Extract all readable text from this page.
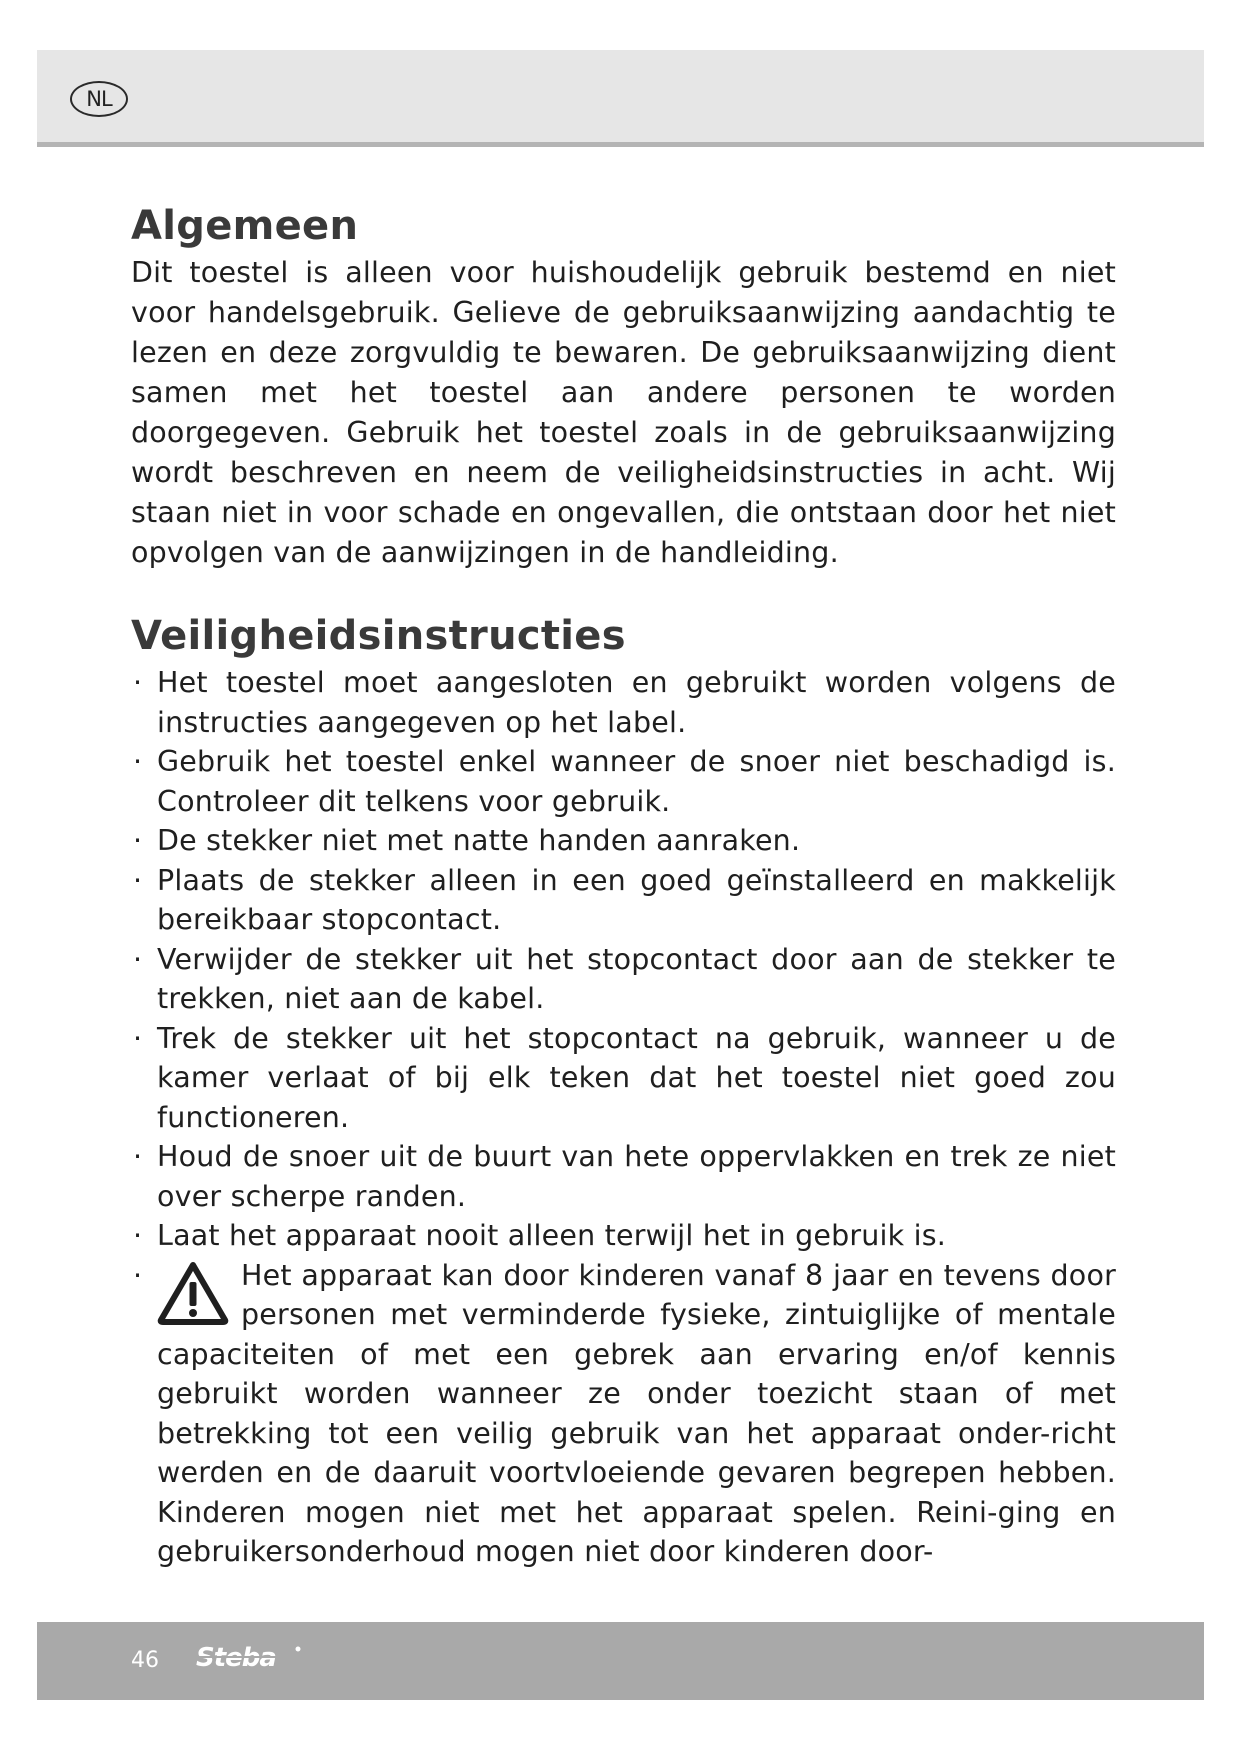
NL
Algemeen

Dit toestel is alleen voor huishoudelijk gebruik bestemd en niet voor handelsgebruik. Gelieve de gebruiksaanwijzing aandachtig te lezen en deze zorgvuldig te bewaren. De gebruiksaanwijzing dient samen met het toestel aan andere personen te worden doorgegeven. Gebruik het toestel zoals in de gebruiksaanwijzing wordt beschreven en neem de veiligheidsinstructies in acht. Wij staan niet in voor schade en ongevallen, die ontstaan door het niet opvolgen van de aanwijzingen in de handleiding.

Veiligheidsinstructies
· Het toestel moet aangesloten en gebruikt worden volgens de instructies aangegeven op het label.
· Gebruik het toestel enkel wanneer de snoer niet beschadigd is. Controleer dit telkens voor gebruik.
· De stekker niet met natte handen aanraken.
· Plaats de stekker alleen in een goed geïnstalleerd en makkelijk bereikbaar stopcontact.
· Verwijder de stekker uit het stopcontact door aan de stekker te trekken, niet aan de kabel.
· Trek de stekker uit het stopcontact na gebruik, wanneer u de kamer verlaat of bij elk teken dat het toestel niet goed zou functioneren.
· Houd de snoer uit de buurt van hete oppervlakken en trek ze niet over scherpe randen.
· Laat het apparaat nooit alleen terwijl het in gebruik is.
· Het apparaat kan door kinderen vanaf 8 jaar en tevens door personen met verminderde fysieke, zintuiglijke of mentale capaciteiten of met een gebrek aan ervaring en/of kennis gebruikt worden wanneer ze onder toezicht staan of met betrekking tot een veilig gebruik van het apparaat onder-richt werden en de daaruit voortvloeiende gevaren begrepen hebben. Kinderen mogen niet met het apparaat spelen. Reini-ging en gebruikersonderhoud mogen niet door kinderen door-
46 Steba
